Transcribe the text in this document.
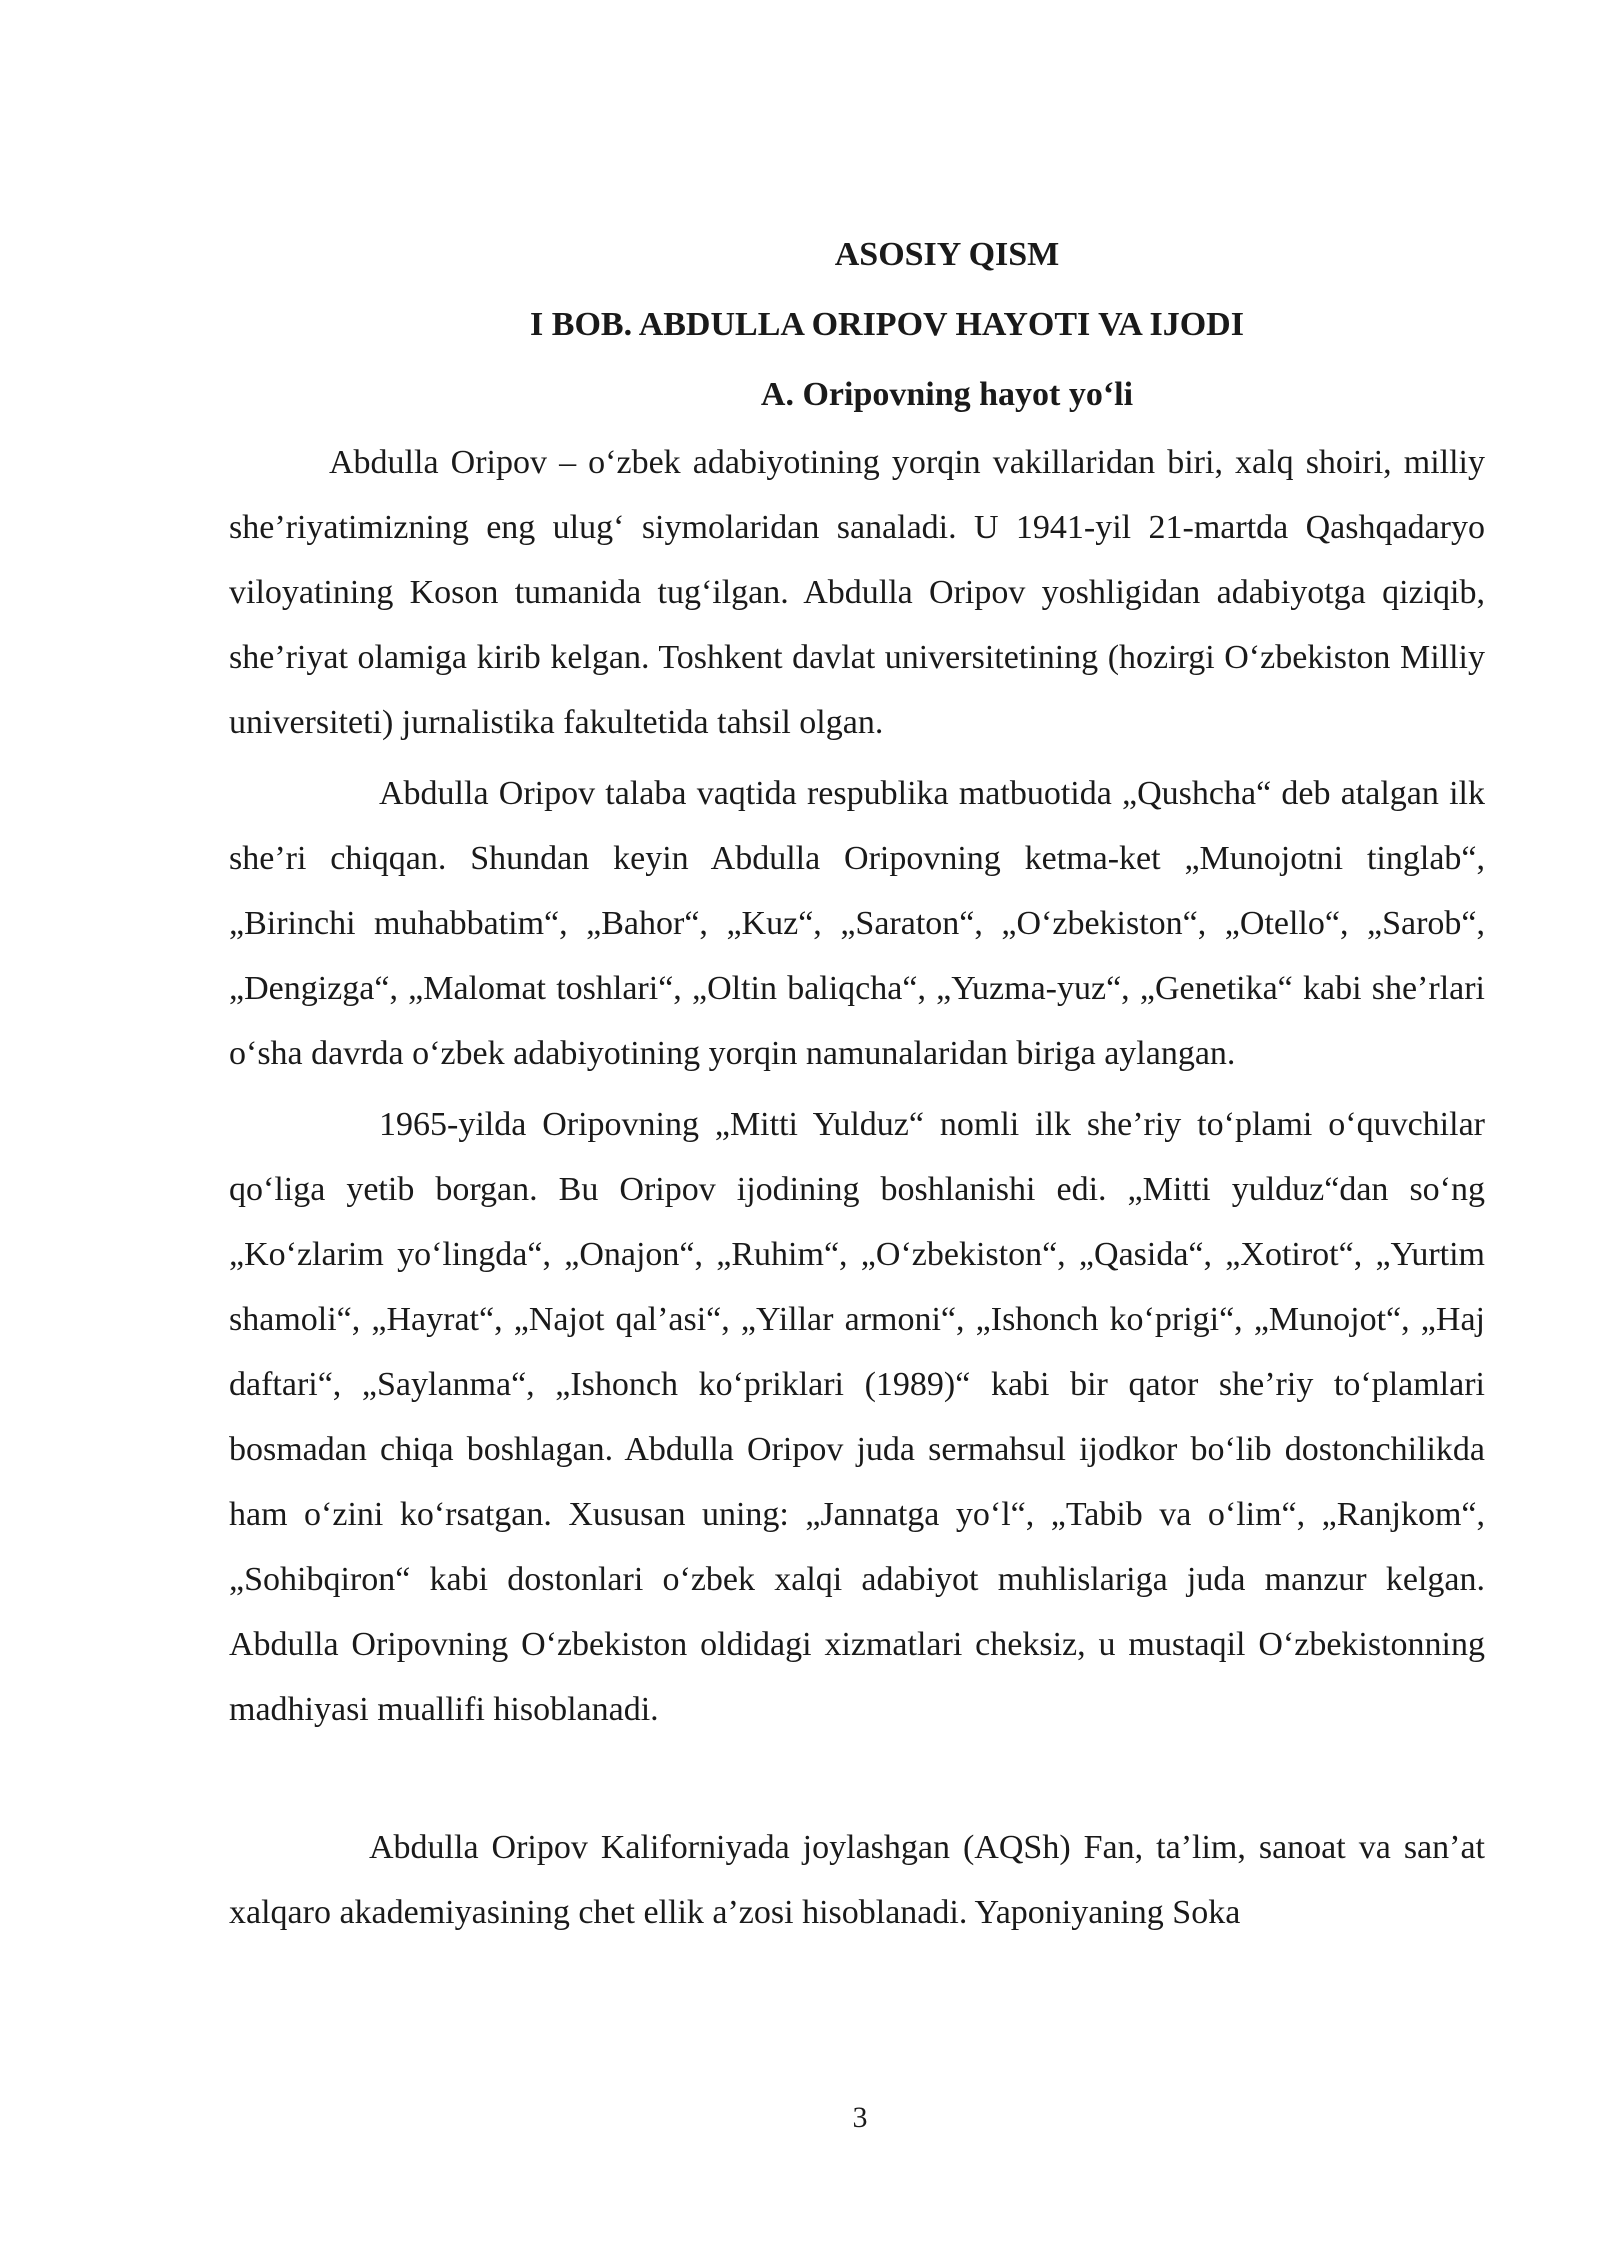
ASOSIY QISM
I BOB. ABDULLA ORIPOV HAYOTI VA IJODI
A. Oripovning hayot yo‘li

Abdulla Oripov – o‘zbek adabiyotining yorqin vakillaridan biri, xalq shoiri, milliy she’riyatimizning eng ulug‘ siymolaridan sanaladi. U 1941-yil 21-martda Qashqadaryo viloyatining Koson tumanida tug‘ilgan. Abdulla Oripov yoshligidan adabiyotga qiziqib, she’riyat olamiga kirib kelgan. Toshkent davlat universitetining (hozirgi O‘zbekiston Milliy universiteti) jurnalistika fakultetida tahsil olgan.

Abdulla Oripov talaba vaqtida respublika matbuotida „Qushcha“ deb atalgan ilk she’ri chiqqan. Shundan keyin Abdulla Oripovning ketma-ket „Munojotni tinglab“, „Birinchi muhabbatim“, „Bahor“, „Kuz“, „Saraton“, „O‘zbekiston“, „Otello“, „Sarob“, „Dengizga“, „Malomat toshlari“, „Oltin baliqcha“, „Yuzma-yuz“, „Genetika“ kabi she’rlari o‘sha davrda o‘zbek adabiyotining yorqin namunalaridan biriga aylangan.

1965-yilda Oripovning „Mitti Yulduz“ nomli ilk she’riy to‘plami o‘quvchilar qo‘liga yetib borgan. Bu Oripov ijodining boshlanishi edi. „Mitti yulduz“dan so‘ng „Ko‘zlarim yo‘lingda“, „Onajon“, „Ruhim“, „O‘zbekiston“, „Qasida“, „Xotirot“, „Yurtim shamoli“, „Hayrat“, „Najot qal’asi“, „Yillar armoni“, „Ishonch ko‘prigi“, „Munojot“, „Haj daftari“, „Saylanma“, „Ishonch ko‘priklari (1989)“ kabi bir qator she’riy to‘plamlari bosmadan chiqa boshlagan. Abdulla Oripov juda sermahsul ijodkor bo‘lib dostonchilikda ham o‘zini ko‘rsatgan. Xususan uning: „Jannatga yo‘l“, „Tabib va o‘lim“, „Ranjkom“, „Sohibqiron“ kabi dostonlari o‘zbek xalqi adabiyot muhlislariga juda manzur kelgan. Abdulla Oripovning O‘zbekiston oldidagi xizmatlari cheksiz, u mustaqil O‘zbekistonning madhiyasi muallifi hisoblanadi.

Abdulla Oripov Kaliforniyada joylashgan (AQSh) Fan, ta’lim, sanoat va san’at xalqaro akademiyasining chet ellik a’zosi hisoblanadi. Yaponiyaning Soka

3
